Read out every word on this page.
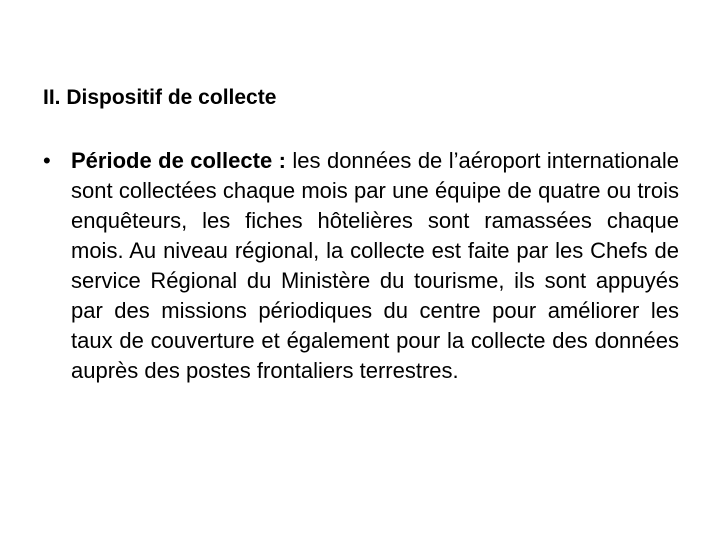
II. Dispositif de collecte
• Période de collecte : les données de l’aéroport internationale sont collectées chaque mois par une équipe de quatre ou trois enquêteurs, les fiches hôtelières sont ramassées chaque mois. Au niveau régional, la collecte est faite par les Chefs de service Régional du Ministère du tourisme, ils sont appuyés par des missions périodiques du centre pour améliorer les taux de couverture et également pour la collecte des données auprès des postes frontaliers terrestres.
